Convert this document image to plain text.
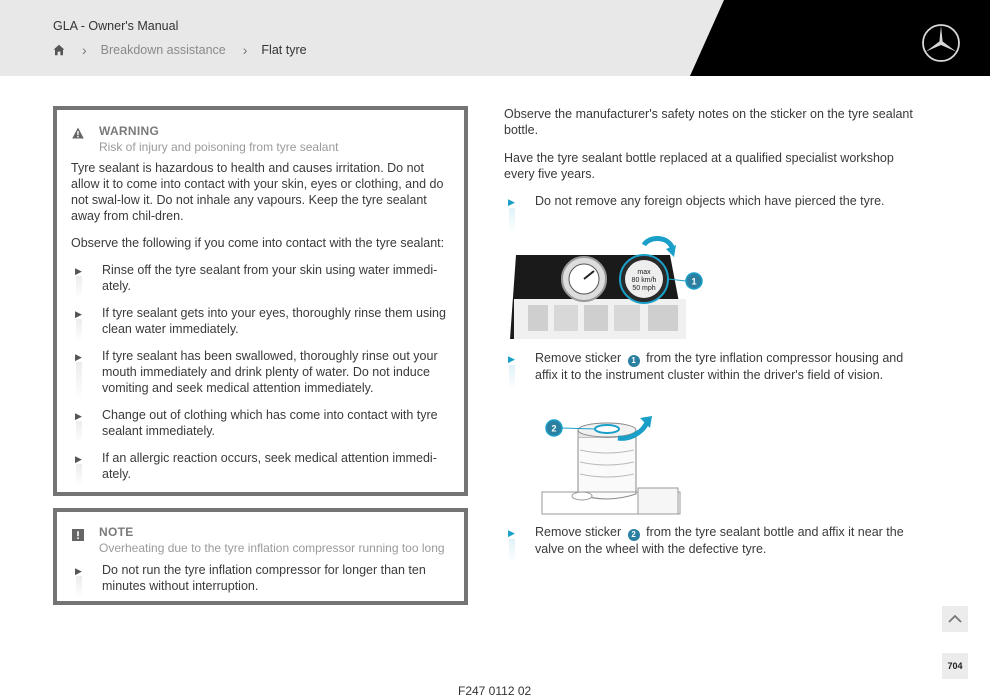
GLA - Owner's Manual
› Breakdown assistance › Flat tyre
WARNING
Risk of injury and poisoning from tyre sealant
Tyre sealant is hazardous to health and causes irritation. Do not allow it to come into contact with your skin, eyes or clothing, and do not swal-low it. Do not inhale any vapours. Keep the tyre sealant away from chil-dren.
Observe the following if you come into contact with the tyre sealant:
▶ Rinse off the tyre sealant from your skin using water immedi-ately.
▶ If tyre sealant gets into your eyes, thoroughly rinse them using clean water immediately.
▶ If tyre sealant has been swallowed, thoroughly rinse out your mouth immediately and drink plenty of water. Do not induce vomiting and seek medical attention immediately.
▶ Change out of clothing which has come into contact with tyre sealant immediately.
▶ If an allergic reaction occurs, seek medical attention immedi-ately.
NOTE
Overheating due to the tyre inflation compressor running too long
▶ Do not run the tyre inflation compressor for longer than ten minutes without interruption.
Observe the manufacturer's safety notes on the sticker on the tyre sealant bottle.
Have the tyre sealant bottle replaced at a qualified specialist workshop every five years.
▶ Do not remove any foreign objects which have pierced the tyre.
max
80 km/h
50 mph
1
▶ Remove sticker 1 from the tyre inflation compressor housing and affix it to the instrument cluster within the driver's field of vision.
2
▶ Remove sticker 2 from the tyre sealant bottle and affix it near the valve on the wheel with the defective tyre.
F247 0112 02
704
